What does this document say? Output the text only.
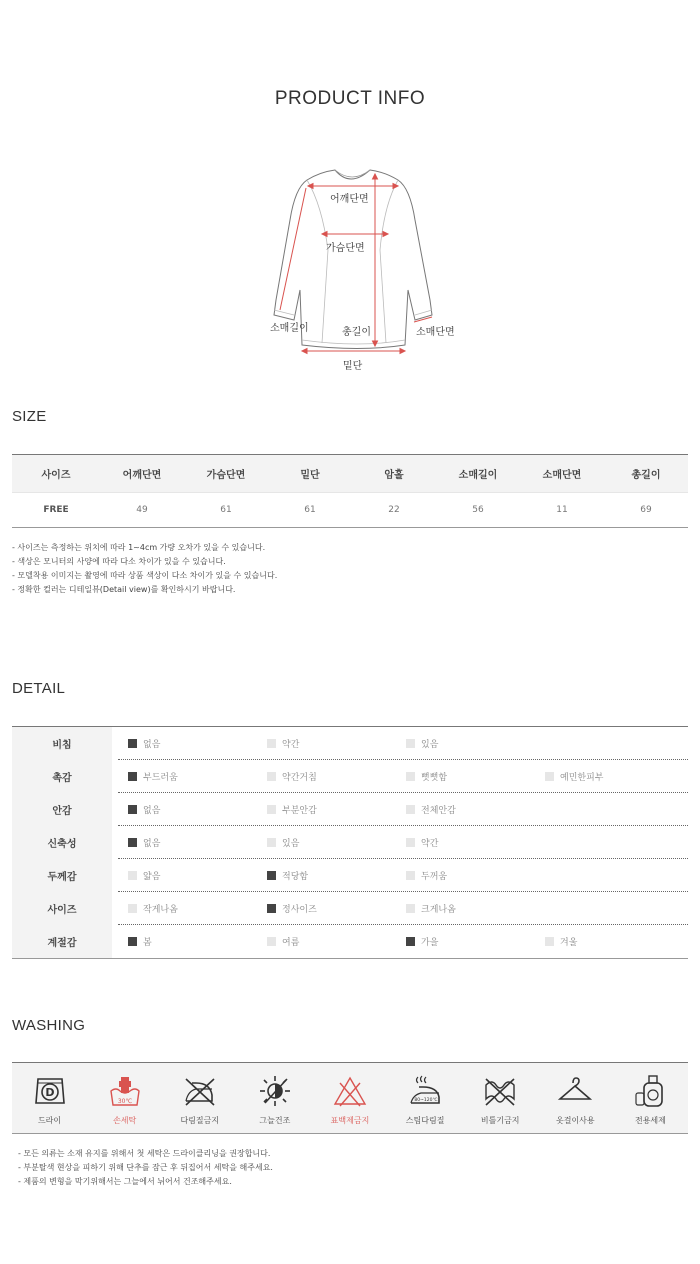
PRODUCT INFO
어깨단면
가슴단면
소매길이	총길이	소매단면
밑단
SIZE
사이즈	어깨단면	가슴단면	밑단	암홀	소매길이	소매단면	총길이
FREE	49	61	61	22	56	11	69
- 사이즈는 측정하는 위치에 따라 1~4cm 가량 오차가 있을 수 있습니다.
- 색상은 모니터의 사양에 따라 다소 차이가 있을 수 있습니다.
- 모델착용 이미지는 촬영에 따라 상품 색상이 다소 차이가 있을 수 있습니다.
- 정확한 컬러는 디테일뷰(Detail view)를 확인하시기 바랍니다.
DETAIL
비침	없음	약간	있음
촉감	부드러움	약간거침	뻣뻣함	예민한피부
안감	없음	부분안감	전체안감
신축성	없음	있음	약간
두께감	얇음	적당함	두꺼움
사이즈	작게나옴	정사이즈	크게나옴
계절감	봄	여름	가을	겨울
WASHING
D
드라이
30℃
손세탁	다림질금지	그늘건조	표백제금지
80~120℃
스팀다림질	비틀기금지	옷걸이사용	전용세제
- 모든 의류는 소재 유지를 위해서 첫 세탁은 드라이클리닝을 권장합니다.
- 부분탈색 현상을 피하기 위해 단추를 잠근 후 뒤집어서 세탁을 해주세요.
- 제품의 변형을 막기위해서는 그늘에서 뉘어서 건조해주세요.
